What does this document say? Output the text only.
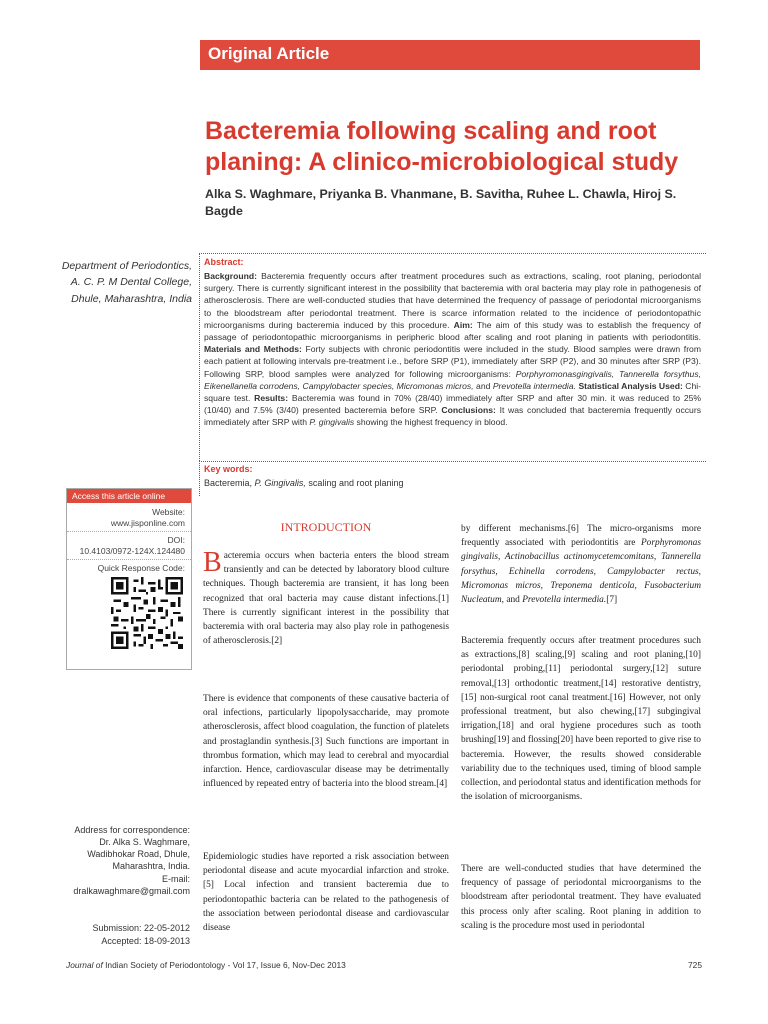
Original Article
Bacteremia following scaling and root planing: A clinico-microbiological study
Alka S. Waghmare, Priyanka B. Vhanmane, B. Savitha, Ruhee L. Chawla, Hiroj S. Bagde
Department of Periodontics, A. C. P. M Dental College, Dhule, Maharashtra, India
Abstract:

Background: Bacteremia frequently occurs after treatment procedures such as extractions, scaling, root planing, periodontal surgery. There is currently significant interest in the possibility that bacteremia with oral bacteria may play role in pathogenesis of atherosclerosis. There are well-conducted studies that have determined the frequency of passage of periodontal microorganisms to the bloodstream after periodontal treatment. There is scarce information related to the incidence of periodontopathic microorganisms during bacteremia induced by this procedure. Aim: The aim of this study was to establish the frequency of passage of periodontopathic microorganisms in peripheric blood after scaling and root planing in patients with periodontitis. Materials and Methods: Forty subjects with chronic periodontitis were included in the study. Blood samples were drawn from each patient at following intervals pre-treatment i.e., before SRP (P1), immediately after SRP (P2), and 30 minutes after SRP (P3). Following SRP, blood samples were analyzed for following microorganisms: Porphyromonasgingivalis, Tannerella forsythus, Eikenellanella corrodens, Campylobacter species, Micromonas micros, and Prevotella intermedia. Statistical Analysis Used: Chi-square test. Results: Bacteremia was found in 70% (28/40) immediately after SRP and after 30 min. it was reduced to 25% (10/40) and 7.5% (3/40) presented bacteremia before SRP. Conclusions: It was concluded that bacteremia frequently occurs immediately after SRP with P. gingivalis showing the highest frequency in blood.

Key words:
Bacteremia, P. Gingivalis, scaling and root planing
Access this article online
Website:
www.jisponline.com
DOI:
10.4103/0972-124X.124480
Quick Response Code:
Address for correspondence:
Dr. Alka S. Waghmare,
Wadibhokar Road, Dhule, Maharashtra, India.
E-mail: dralkawaghmare@gmail.com
Submission: 22-05-2012
Accepted: 18-09-2013
INTRODUCTION

Bacteremia occurs when bacteria enters the blood stream transiently and can be detected by laboratory blood culture techniques. Though bacteremia are transient, it has long been recognized that oral bacteria may cause distant infections.[1] There is currently significant interest in the possibility that bacteremia with oral bacteria may also play role in pathogenesis of atherosclerosis.[2]

There is evidence that components of these causative bacteria of oral infections, particularly lipopolysaccharide, may promote atherosclerosis, affect blood coagulation, the function of platelets and prostaglandin synthesis.[3] Such functions are important in thrombus formation, which may lead to cerebral and myocardial infarction. Hence, cardiovascular disease may be detrimentally influenced by repeated entry of bacteria into the blood stream.[4]

Epidemiologic studies have reported a risk association between periodontal disease and acute myocardial infarction and stroke.[5] Local infection and transient bacteremia due to periodontopathic bacteria can be related to the pathogenesis of the association between periodontal disease and cardiovascular disease

by different mechanisms.[6] The micro-organisms more frequently associated with periodontitis are Porphyromonas gingivalis, Actinobacillus actinomycetemcomitans, Tannerella forsythus, Echinella corrodens, Campylobacter rectus, Micromonas micros, Treponema denticola, Fusobacterium Nucleatum, and Prevotella intermedia.[7]

Bacteremia frequently occurs after treatment procedures such as extractions,[8] scaling,[9] scaling and root planing,[10] periodontal probing,[11] periodontal surgery,[12] suture removal,[13] orthodontic treatment,[14] restorative dentistry,[15] non-surgical root canal treatment.[16] However, not only professional treatment, but also chewing,[17] subgingival irrigation,[18] and oral hygiene procedures such as tooth brushing[19] and flossing[20] have been reported to give rise to bacteremia. However, the results showed considerable variability due to the techniques used, timing of blood sample collection, and periodontal status and identification methods for the isolation of microorganisms.

There are well-conducted studies that have determined the frequency of passage of periodontal microorganisms to the bloodstream after periodontal treatment. They have evaluated this process only after scaling. Root planing in addition to scaling is the procedure most used in periodontal

Journal of Indian Society of Periodontology - Vol 17, Issue 6, Nov-Dec 2013	725
